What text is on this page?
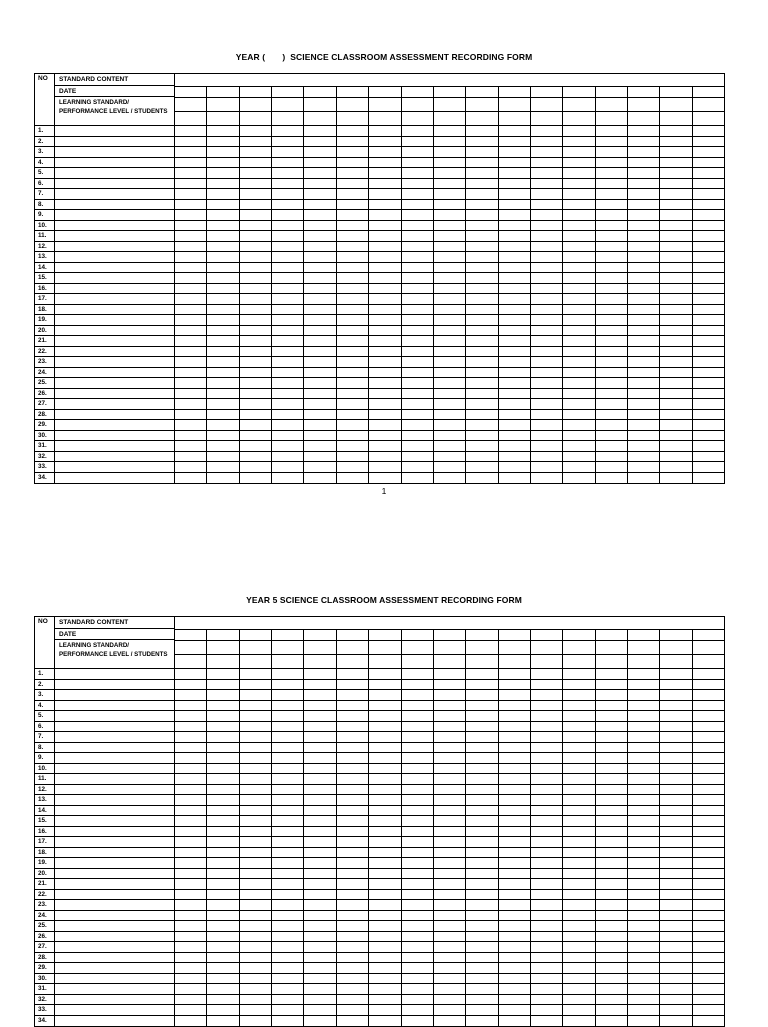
YEAR (       )  SCIENCE CLASSROOM ASSESSMENT RECORDING FORM
NO	STANDARD CONTENT
DATE
LEARNING STANDARD/
PERFORMANCE LEVEL / STUDENTS
1.
2.
3.
4.
5.
6.
7.
8.
9.
10.
11.
12.
13.
14.
15.
16.
17.
18.
19.
20.
21.
22.
23.
24.
25.
26.
27.
28.
29.
30.
31.
32.
33.
34.
1
YEAR 5 SCIENCE CLASSROOM ASSESSMENT RECORDING FORM
NO	STANDARD CONTENT
DATE
LEARNING STANDARD/
PERFORMANCE LEVEL / STUDENTS
1.
2.
3.
4.
5.
6.
7.
8.
9.
10.
11.
12.
13.
14.
15.
16.
17.
18.
19.
20.
21.
22.
23.
24.
25.
26.
27.
28.
29.
30.
31.
32.
33.
34.
